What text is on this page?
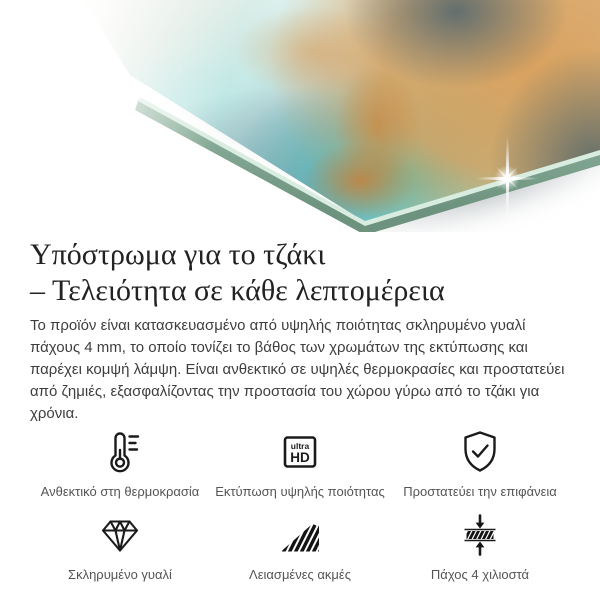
Υπόστρωμα για το τζάκι
– Τελειότητα σε κάθε λεπτομέρεια

Το προϊόν είναι κατασκευασμένο από υψηλής ποιότητας σκληρυμένο γυαλί πάχους 4 mm, το οποίο τονίζει το βάθος των χρωμάτων της εκτύπωσης και παρέχει κομψή λάμψη. Είναι ανθεκτικό σε υψηλές θερμοκρασίες και προστατεύει από ζημιές, εξασφαλίζοντας την προστασία του χώρου γύρω από το τζάκι για χρόνια.

Ανθεκτικό στη θερμοκρασία
ultra
HD
Εκτύπωση υψηλής ποιότητας Προστατεύει την επιφάνεια
Σκληρυμένο γυαλί	Λειασμένες ακμές	Πάχος 4 χιλιοστά
